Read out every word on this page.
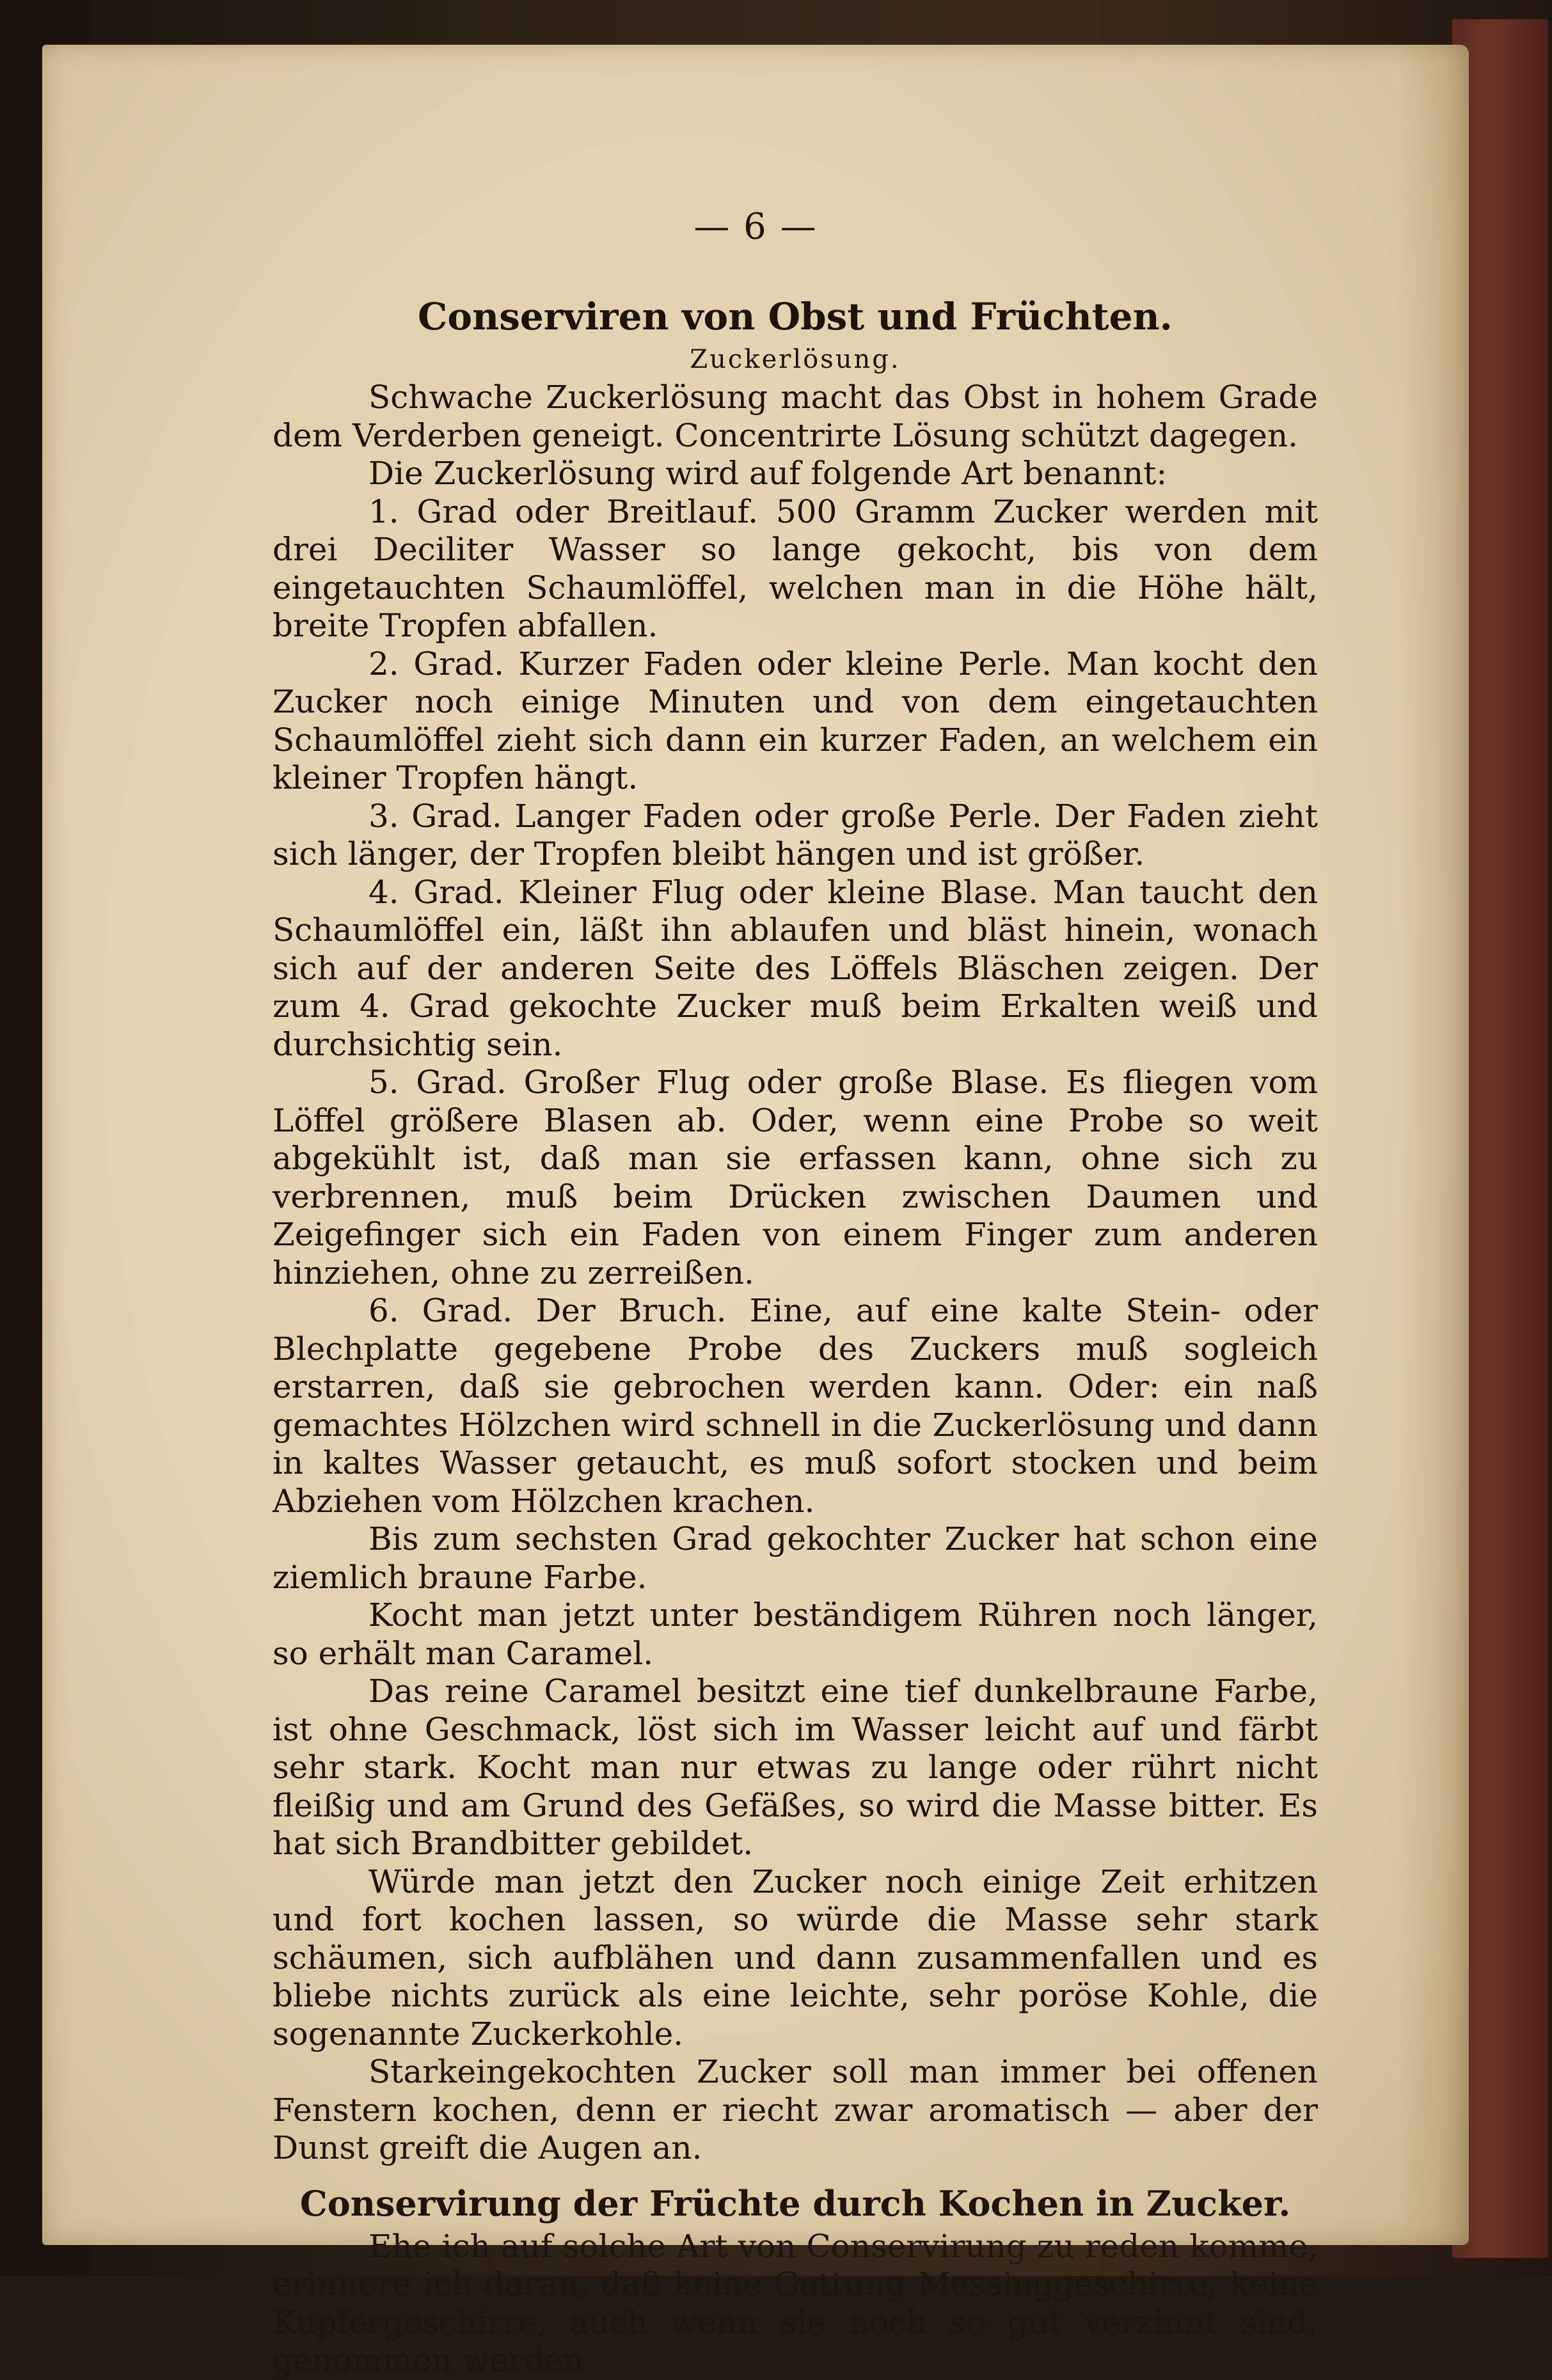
— 6 —
Conserviren von Obst und Früchten.
Zuckerlösung.

Schwache Zuckerlösung macht das Obst in hohem Grade dem Verderben geneigt. Concentrirte Lösung schützt dagegen.

Die Zuckerlösung wird auf folgende Art benannt:

1. Grad oder Breitlauf. 500 Gramm Zucker werden mit drei Deciliter Wasser so lange gekocht, bis von dem eingetauchten Schaumlöffel, welchen man in die Höhe hält, breite Tropfen abfallen.

2. Grad. Kurzer Faden oder kleine Perle. Man kocht den Zucker noch einige Minuten und von dem eingetauchten Schaumlöffel zieht sich dann ein kurzer Faden, an welchem ein kleiner Tropfen hängt.

3. Grad. Langer Faden oder große Perle. Der Faden zieht sich länger, der Tropfen bleibt hängen und ist größer.

4. Grad. Kleiner Flug oder kleine Blase. Man taucht den Schaumlöffel ein, läßt ihn ablaufen und bläst hinein, wonach sich auf der anderen Seite des Löffels Bläschen zeigen. Der zum 4. Grad gekochte Zucker muß beim Erkalten weiß und durchsichtig sein.

5. Grad. Großer Flug oder große Blase. Es fliegen vom Löffel größere Blasen ab. Oder, wenn eine Probe so weit abgekühlt ist, daß man sie erfassen kann, ohne sich zu verbrennen, muß beim Drücken zwischen Daumen und Zeigefinger sich ein Faden von einem Finger zum anderen hinziehen, ohne zu zerreißen.

6. Grad. Der Bruch. Eine, auf eine kalte Stein- oder Blechplatte gegebene Probe des Zuckers muß sogleich erstarren, daß sie gebrochen werden kann. Oder: ein naß gemachtes Hölzchen wird schnell in die Zuckerlösung und dann in kaltes Wasser getaucht, es muß sofort stocken und beim Abziehen vom Hölzchen krachen.

Bis zum sechsten Grad gekochter Zucker hat schon eine ziemlich braune Farbe.

Kocht man jetzt unter beständigem Rühren noch länger, so erhält man Caramel.

Das reine Caramel besitzt eine tief dunkelbraune Farbe, ist ohne Geschmack, löst sich im Wasser leicht auf und färbt sehr stark. Kocht man nur etwas zu lange oder rührt nicht fleißig und am Grund des Gefäßes, so wird die Masse bitter. Es hat sich Brandbitter gebildet.

Würde man jetzt den Zucker noch einige Zeit erhitzen und fort kochen lassen, so würde die Masse sehr stark schäumen, sich aufblähen und dann zusammenfallen und es bliebe nichts zurück als eine leichte, sehr poröse Kohle, die sogenannte Zuckerkohle.

Starkeingekochten Zucker soll man immer bei offenen Fenstern kochen, denn er riecht zwar aromatisch — aber der Dunst greift die Augen an.

Conservirung der Früchte durch Kochen in Zucker.

Ehe ich auf solche Art von Conservirung zu reden komme, erinnere ich daran, daß keine Gattung Messinggeschirre, keine Kupfergeschirre, auch wenn sie noch so gut verzinnt sind, genommen werden
